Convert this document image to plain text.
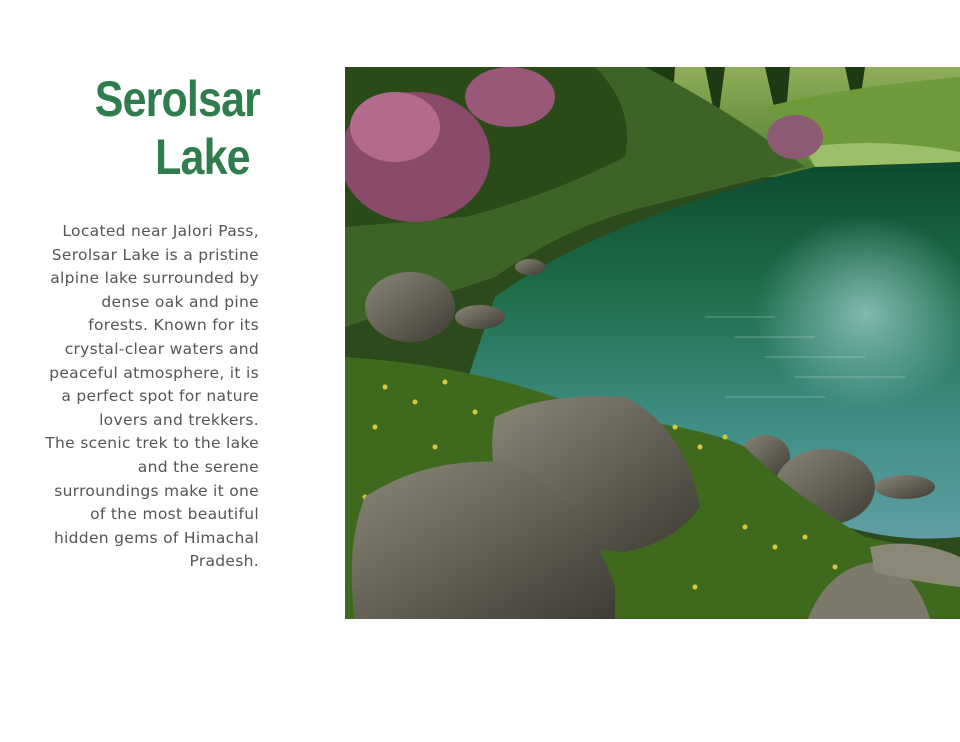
Serolsar
Lake

Located near Jalori Pass, Serolsar Lake is a pristine alpine lake surrounded by dense oak and pine forests. Known for its crystal-clear waters and peaceful atmosphere, it is a perfect spot for nature lovers and trekkers.

The scenic trek to the lake and the serene surroundings make it one of the most beautiful hidden gems of Himachal Pradesh.
